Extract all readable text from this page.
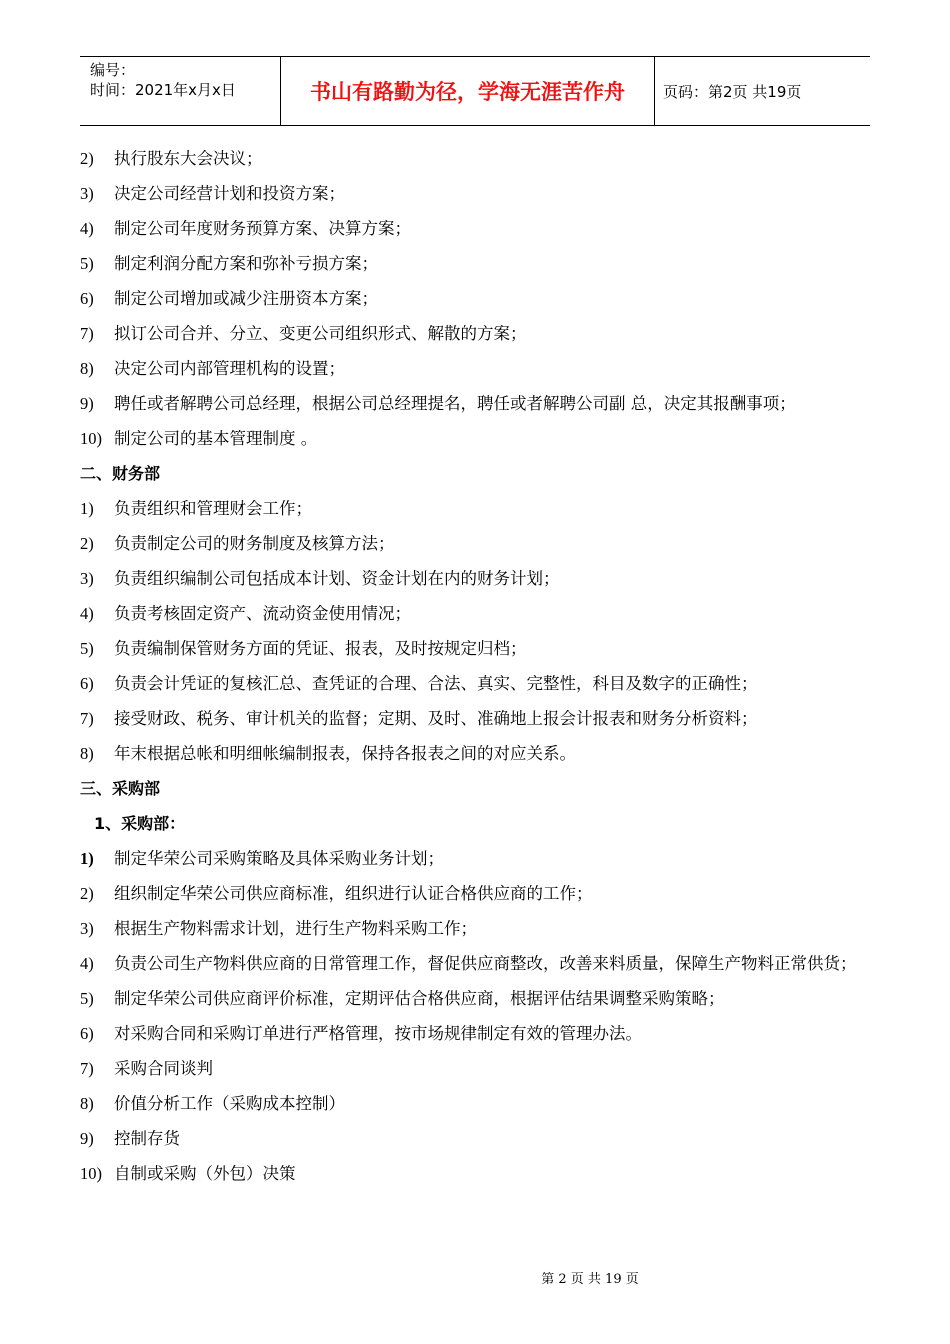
编号：
时间：2021年x月x日	书山有路勤为径，学海无涯苦作舟	页码：第2页 共19页
2) 执行股东大会决议；
3) 决定公司经营计划和投资方案；
4) 制定公司年度财务预算方案、决算方案；
5) 制定利润分配方案和弥补亏损方案；
6) 制定公司增加或减少注册资本方案；
7) 拟订公司合并、分立、变更公司组织形式、解散的方案；
8) 决定公司内部管理机构的设置；
9) 聘任或者解聘公司总经理，根据公司总经理提名，聘任或者解聘公司副 总，决定其报酬事项；
10) 制定公司的基本管理制度 。
二、财务部
1) 负责组织和管理财会工作；
2) 负责制定公司的财务制度及核算方法；
3) 负责组织编制公司包括成本计划、资金计划在内的财务计划；
4) 负责考核固定资产、流动资金使用情况；
5) 负责编制保管财务方面的凭证、报表，及时按规定归档；
6) 负责会计凭证的复核汇总、查凭证的合理、合法、真实、完整性，科目及数字的正确性；
7) 接受财政、税务、审计机关的监督；定期、及时、准确地上报会计报表和财务分析资料；
8) 年末根据总帐和明细帐编制报表，保持各报表之间的对应关系。
三、采购部
1、采购部：
1) 制定华荣公司采购策略及具体采购业务计划；
2) 组织制定华荣公司供应商标准，组织进行认证合格供应商的工作；
3) 根据生产物料需求计划，进行生产物料采购工作；
4) 负责公司生产物料供应商的日常管理工作，督促供应商整改，改善来料质量，保障生产物料正常供货；
5) 制定华荣公司供应商评价标准，定期评估合格供应商，根据评估结果调整采购策略；
6) 对采购合同和采购订单进行严格管理，按市场规律制定有效的管理办法。
7) 采购合同谈判
8) 价值分析工作（采购成本控制）
9) 控制存货
10) 自制或采购（外包）决策
第 2 页 共 19 页
